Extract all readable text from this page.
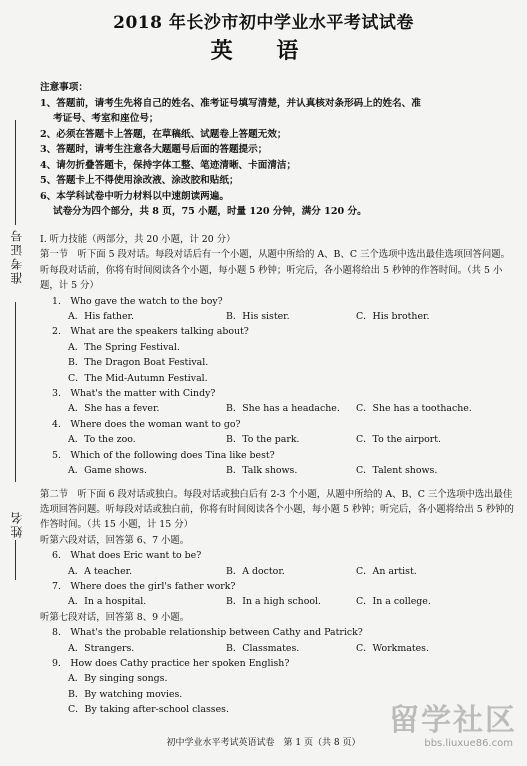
2018 年长沙市初中学业水平考试试卷
英 语
准考证号
姓名
注意事项：
1、答题前，请考生先将自己的姓名、准考证号填写清楚，并认真核对条形码上的姓名、准
考证号、考室和座位号；
2、必须在答题卡上答题，在草稿纸、试题卷上答题无效；
3、答题时，请考生注意各大题题号后面的答题提示；
4、请勿折叠答题卡，保持字体工整、笔迹清晰、卡面清洁；
5、答题卡上不得使用涂改液、涂改胶和贴纸；
6、本学科试卷中听力材料以中速朗读两遍。
试卷分为四个部分，共 8 页，75 小题，时量 120 分钟，满分 120 分。
I. 听力技能（两部分，共 20 小题，计 20 分）
第一节　听下面 5 段对话。每段对话后有一个小题，从题中所给的 A、B、C 三个选项中选出最佳选项回答问题。听每段对话前，你将有时间阅读各个小题，每小题 5 秒钟；听完后，各小题将给出 5 秒钟的作答时间。（共 5 小题，计 5 分）
1.　Who gave the watch to the boy?
A．His father.	B．His sister.	C．His brother.
2.　What are the speakers talking about?
A．The Spring Festival.
B．The Dragon Boat Festival.
C．The Mid-Autumn Festival.
3.　What's the matter with Cindy?
A．She has a fever.	B．She has a headache.	C．She has a toothache.
4.　Where does the woman want to go?
A．To the zoo.	B．To the park.	C．To the airport.
5.　Which of the following does Tina like best?
A．Game shows.	B．Talk shows.	C．Talent shows.
第二节　听下面 6 段对话或独白。每段对话或独白后有 2-3 个小题，从题中所给的 A、B、C 三个选项中选出最佳选项回答问题。听每段对话或独白前，你将有时间阅读各个小题，每小题 5 秒钟；听完后，各小题将给出 5 秒钟的作答时间。（共 15 小题，计 15 分）
听第六段对话，回答第 6、7 小题。
6.　What does Eric want to be?
A．A teacher.	B．A doctor.	C．An artist.
7.　Where does the girl's father work?
A．In a hospital.	B．In a high school.	C．In a college.
听第七段对话，回答第 8、9 小题。
8.　What's the probable relationship between Cathy and Patrick?
A．Strangers.	B．Classmates.	C．Workmates.
9.　How does Cathy practice her spoken English?
A．By singing songs.
B．By watching movies.
C．By taking after-school classes.	留学社区
初中学业水平考试英语试卷　第 1 页（共 8 页）	bbs.liuxue86.com
